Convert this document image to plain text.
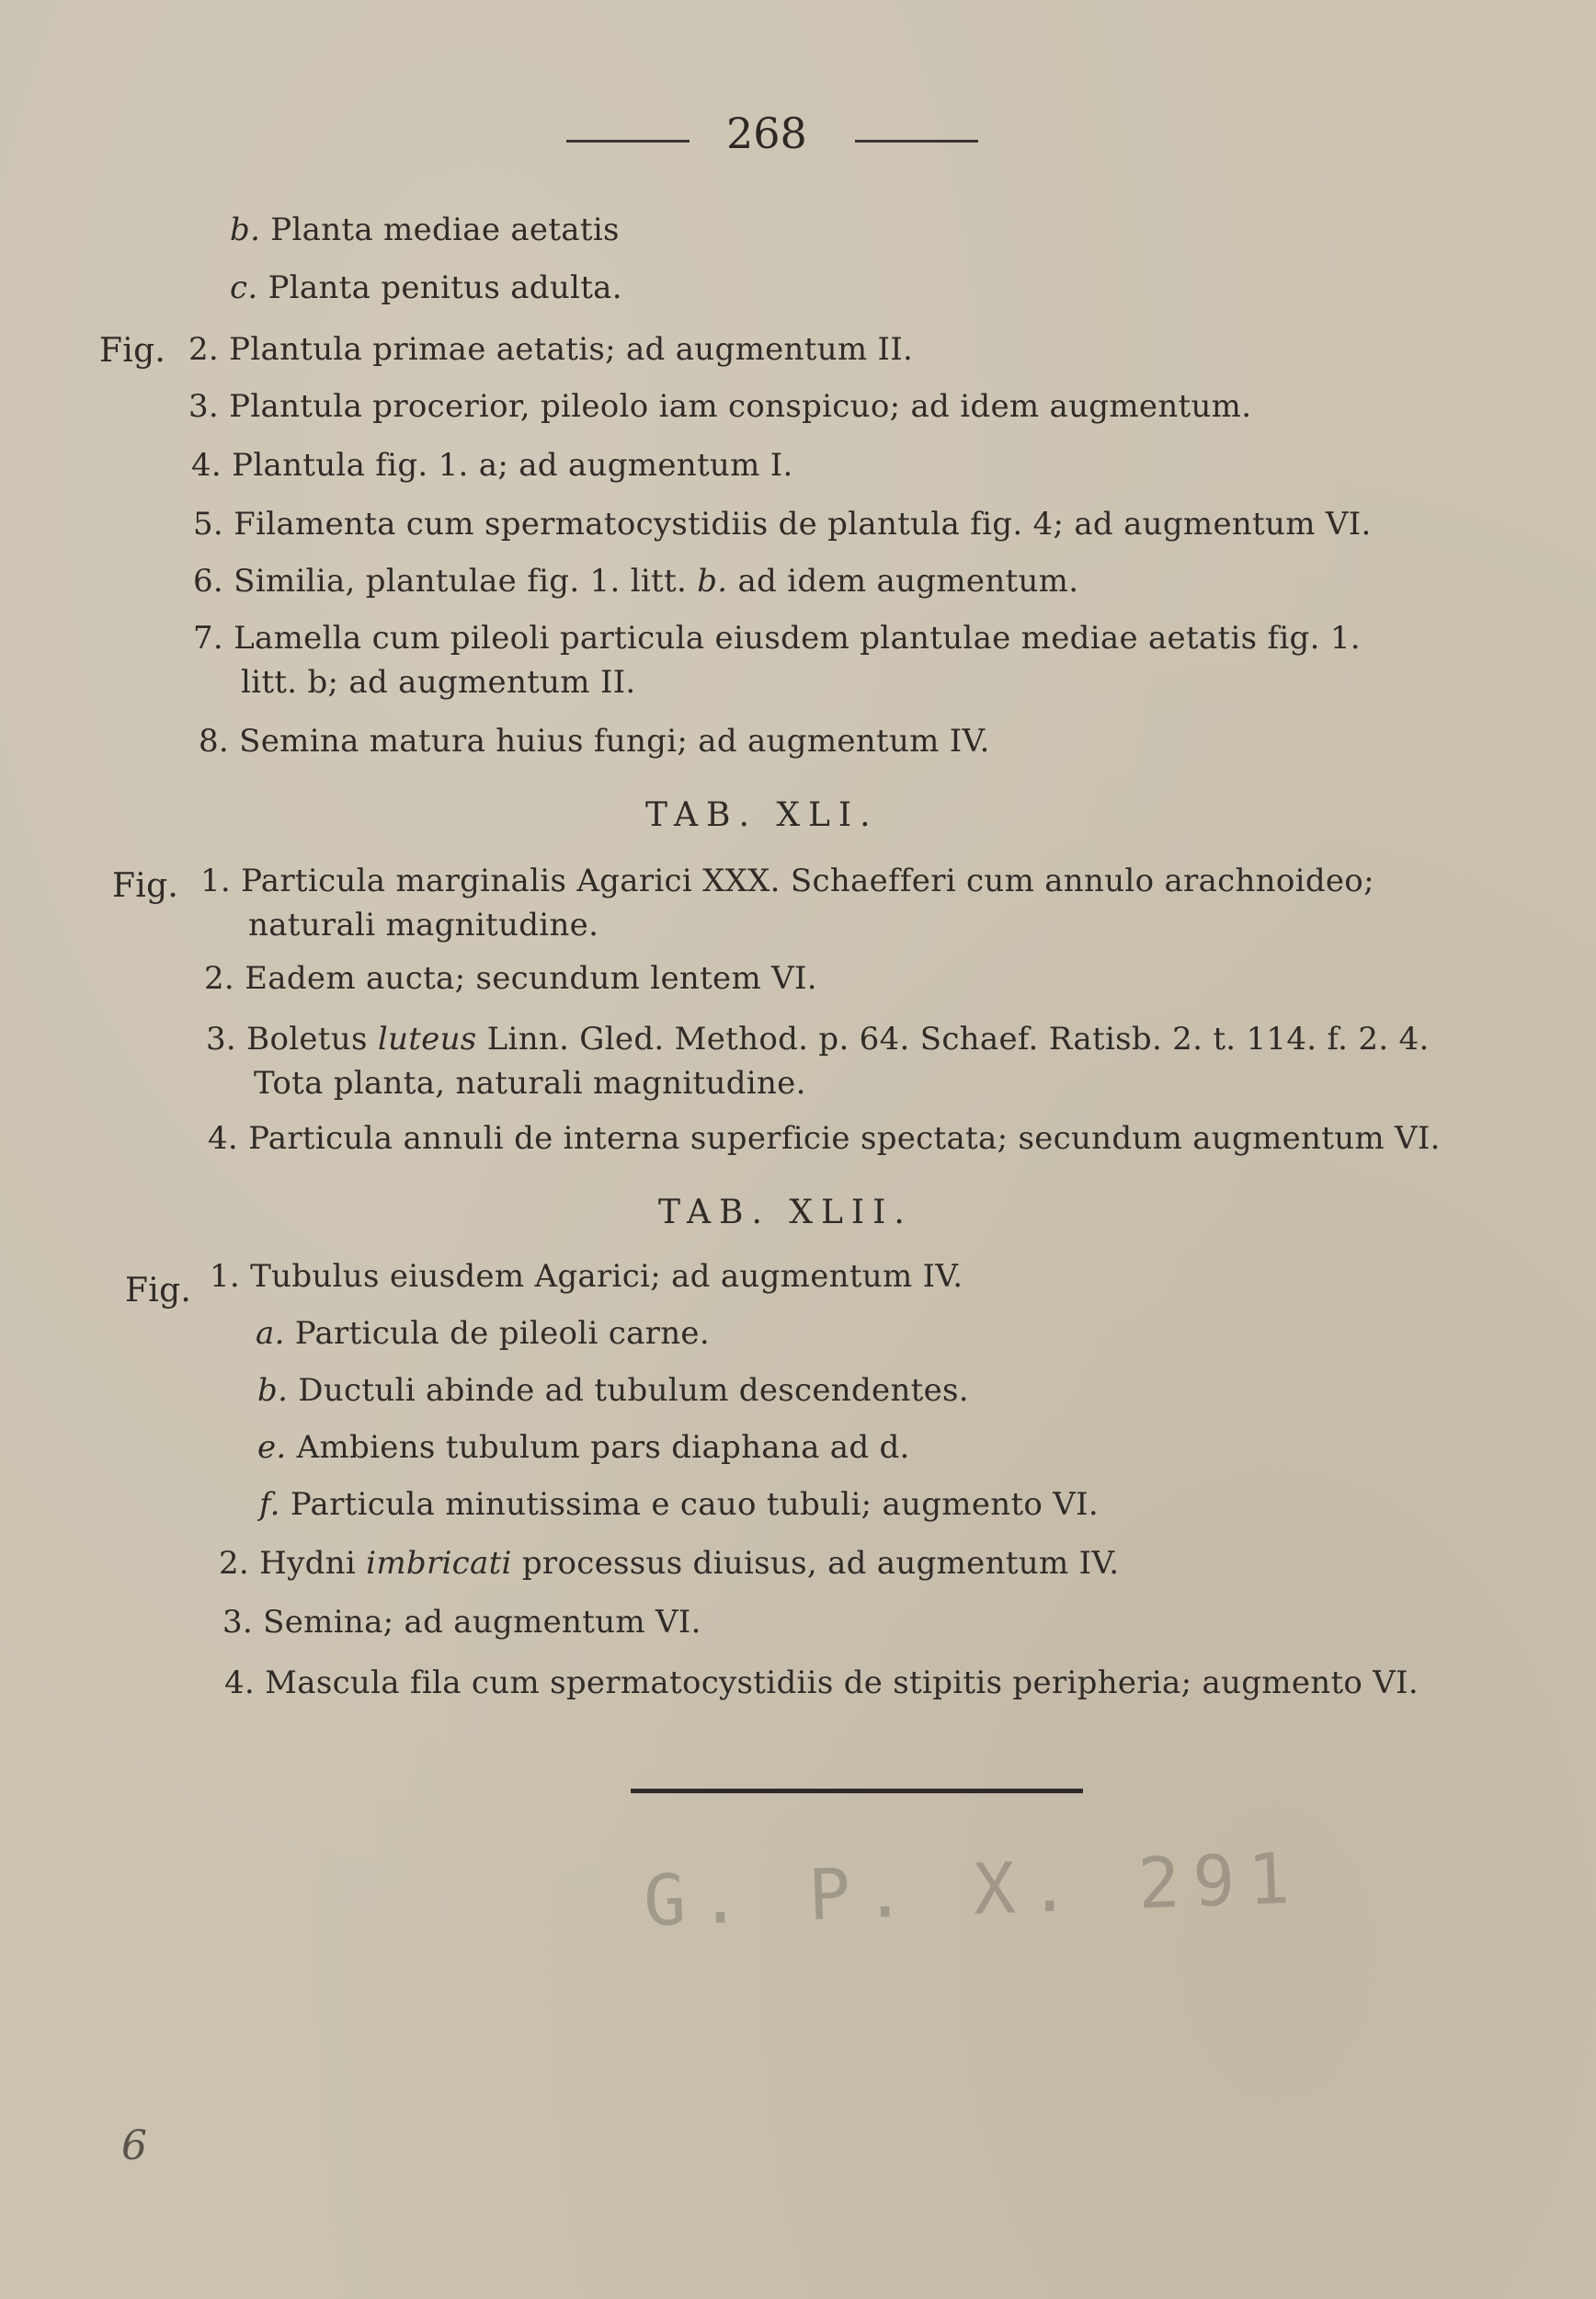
268
b. Planta mediae aetatis
c. Planta penitus adulta.
Fig. 2. Plantula primae aetatis; ad augmentum II.
3. Plantula procerior, pileolo iam conspicuo; ad idem augmentum.
4. Plantula fig. 1. a; ad augmentum I.
5. Filamenta cum spermatocystidiis de plantula fig. 4; ad augmentum VI.
6. Similia, plantulae fig. 1. litt. b. ad idem augmentum.
7. Lamella cum pileoli particula eiusdem plantulae mediae aetatis fig. 1.
litt. b; ad augmentum II.
8. Semina matura huius fungi; ad augmentum IV.
TAB. XLI.
Fig. 1. Particula marginalis Agarici XXX. Schaefferi cum annulo arachnoideo;
naturali magnitudine.
2. Eadem aucta; secundum lentem VI.
3. Boletus luteus Linn. Gled. Method. p. 64. Schaef. Ratisb. 2. t. 114. f. 2. 4.
Tota planta, naturali magnitudine.
4. Particula annuli de interna superficie spectata; secundum augmentum VI.
TAB. XLII.
Fig. 1. Tubulus eiusdem Agarici; ad augmentum IV.
a. Particula de pileoli carne.
b. Ductuli abinde ad tubulum descendentes.
e. Ambiens tubulum pars diaphana ad d.
f. Particula minutissima e cauo tubuli; augmento VI.
2. Hydni imbricati processus diuisus, ad augmentum IV.
3. Semina; ad augmentum VI.
4. Mascula fila cum spermatocystidiis de stipitis peripheria; augmento VI.
G. P. X. 291
6
